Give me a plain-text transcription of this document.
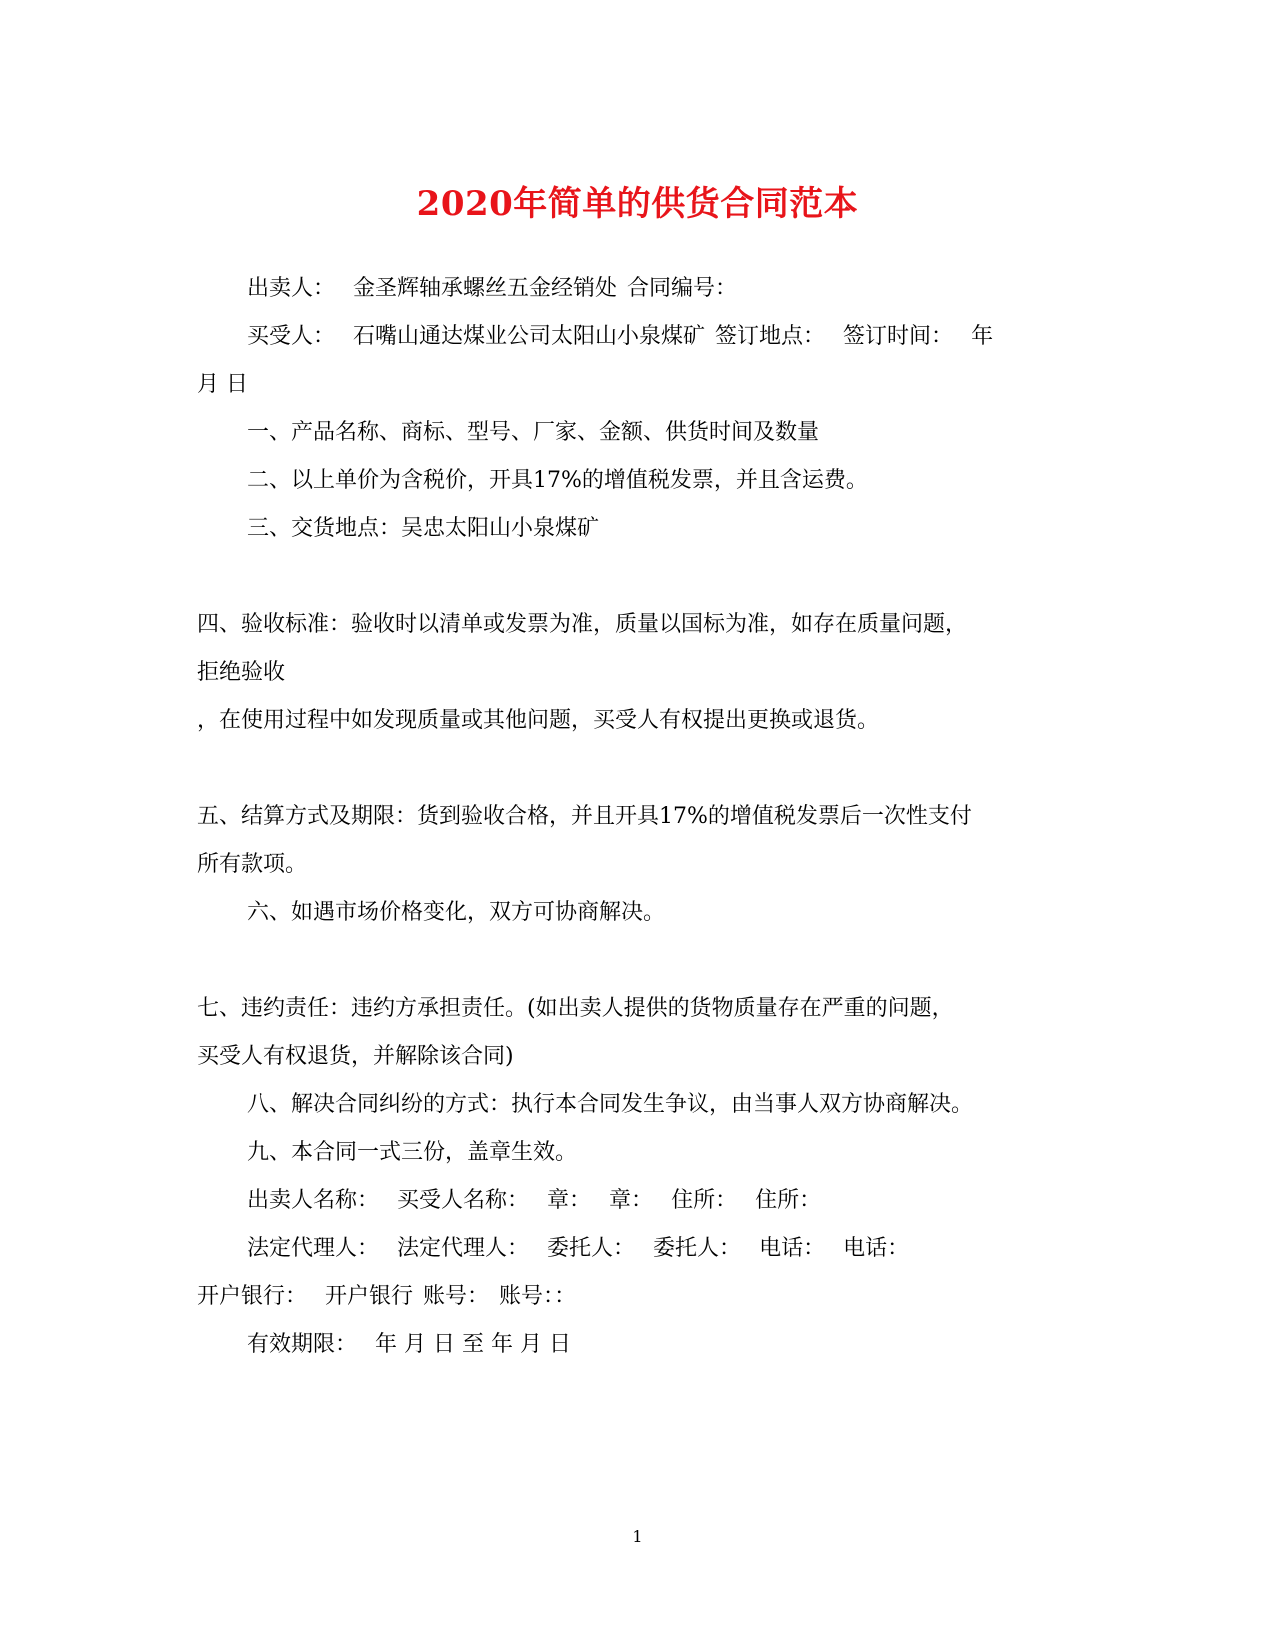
2020年简单的供货合同范本
出卖人： 金圣辉轴承螺丝五金经销处 合同编号：
买受人： 石嘴山通达煤业公司太阳山小泉煤矿 签订地点： 签订时间： 年
月 日
一、产品名称、商标、型号、厂家、金额、供货时间及数量
二、以上单价为含税价，开具17%的增值税发票，并且含运费。
三、交货地点：吴忠太阳山小泉煤矿
四、验收标准：验收时以清单或发票为准，质量以国标为准，如存在质量问题，
拒绝验收
，在使用过程中如发现质量或其他问题，买受人有权提出更换或退货。
五、结算方式及期限：货到验收合格，并且开具17%的增值税发票后一次性支付
所有款项。
六、如遇市场价格变化，双方可协商解决。
七、违约责任：违约方承担责任。(如出卖人提供的货物质量存在严重的问题，
买受人有权退货，并解除该合同)
八、解决合同纠纷的方式：执行本合同发生争议，由当事人双方协商解决。
九、本合同一式三份，盖章生效。
出卖人名称： 买受人名称： 章： 章： 住所： 住所：
法定代理人： 法定代理人： 委托人： 委托人： 电话： 电话：
开户银行： 开户银行 账号： 账号：：
有效期限： 年 月 日 至 年 月 日
1
